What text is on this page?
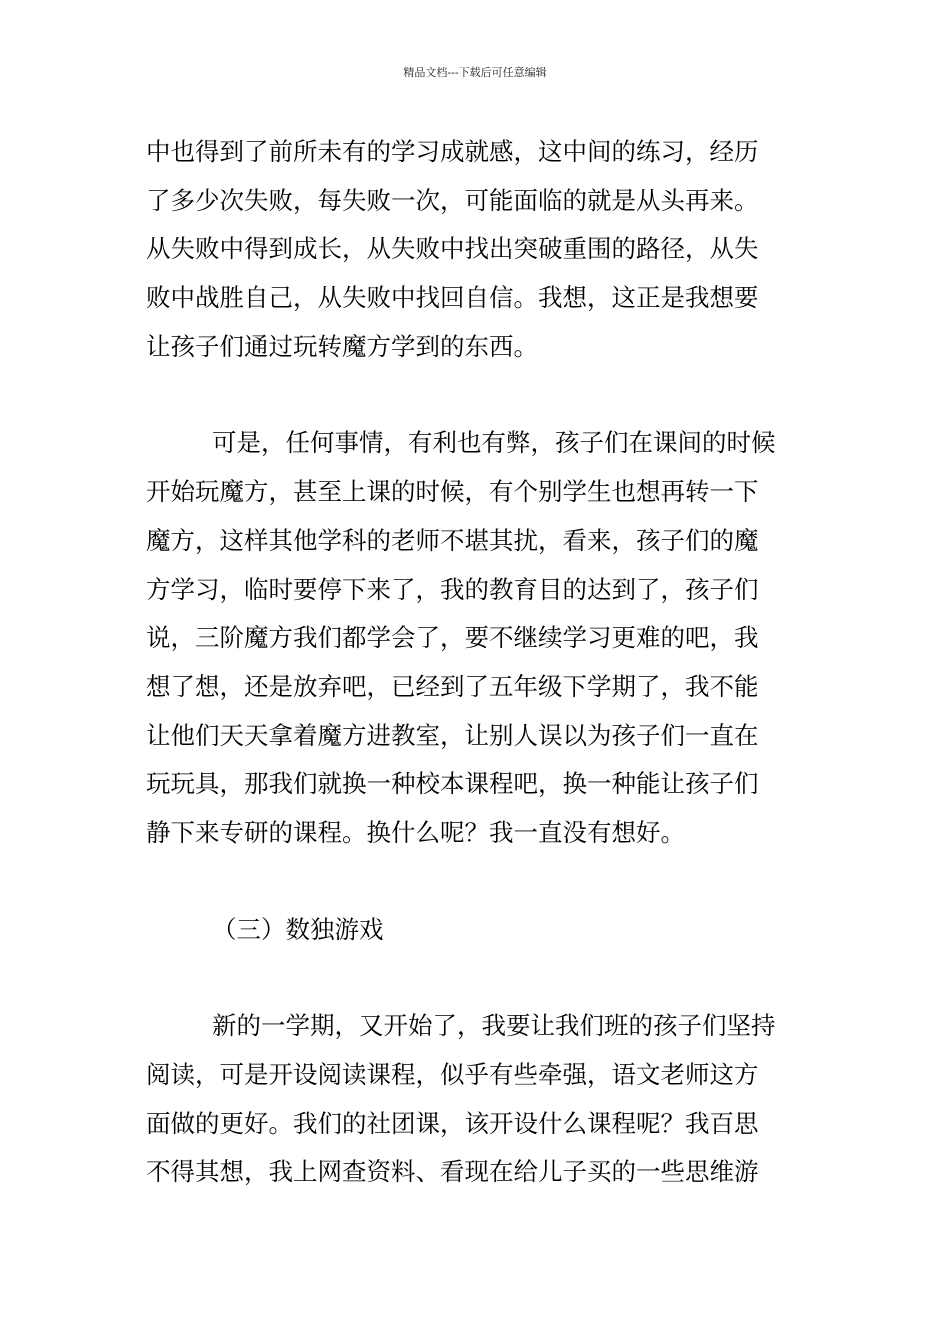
精品文档---下载后可任意编辑
中也得到了前所未有的学习成就感，这中间的练习，经历
了多少次失败，每失败一次，可能面临的就是从头再来。
从失败中得到成长，从失败中找出突破重围的路径，从失
败中战胜自己，从失败中找回自信。我想，这正是我想要
让孩子们通过玩转魔方学到的东西。
可是，任何事情，有利也有弊，孩子们在课间的时候
开始玩魔方，甚至上课的时候，有个别学生也想再转一下
魔方，这样其他学科的老师不堪其扰，看来，孩子们的魔
方学习，临时要停下来了，我的教育目的达到了，孩子们
说，三阶魔方我们都学会了，要不继续学习更难的吧，我
想了想，还是放弃吧，已经到了五年级下学期了，我不能
让他们天天拿着魔方进教室，让别人误以为孩子们一直在
玩玩具，那我们就换一种校本课程吧，换一种能让孩子们
静下来专研的课程。换什么呢？我一直没有想好。
（三）数独游戏
新的一学期，又开始了，我要让我们班的孩子们坚持
阅读，可是开设阅读课程，似乎有些牵强，语文老师这方
面做的更好。我们的社团课，该开设什么课程呢？我百思
不得其想，我上网查资料、看现在给儿子买的一些思维游
